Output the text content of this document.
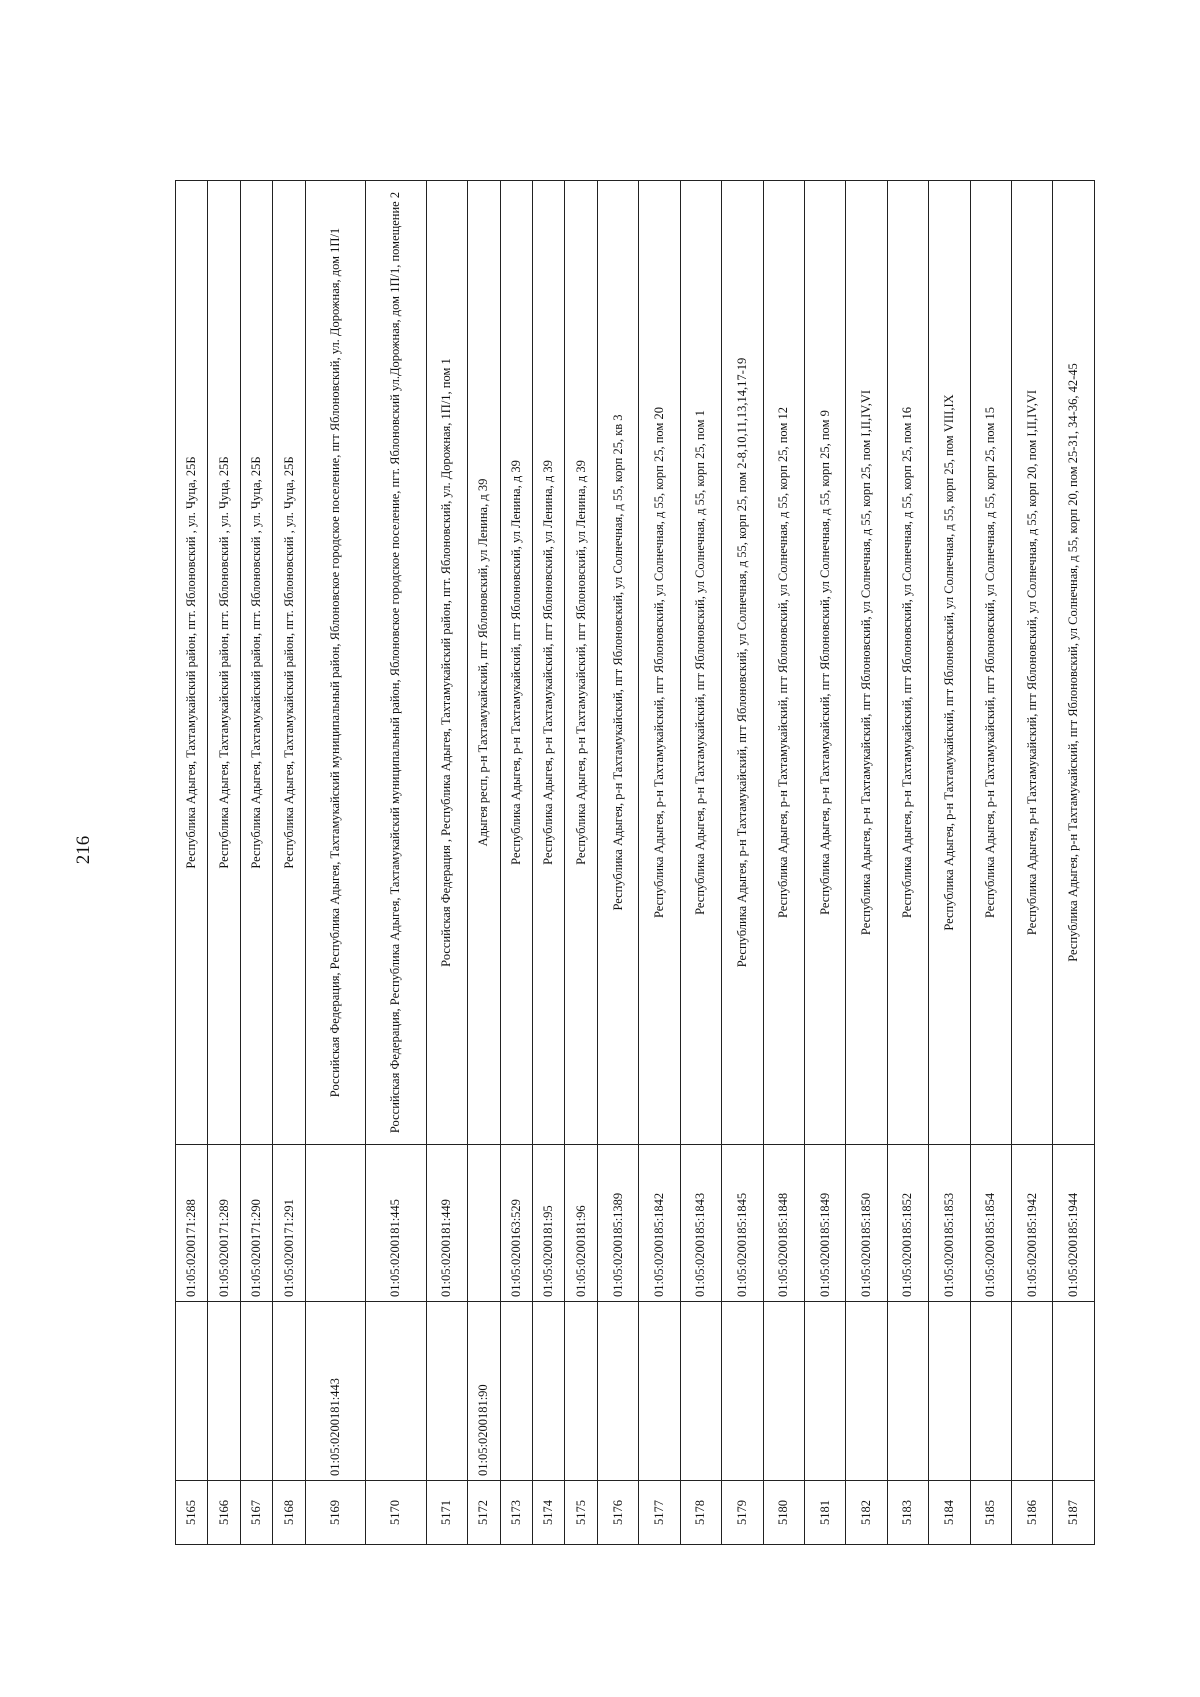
216
5165		01:05:0200171:288	Республика Адыгея, Тахтамукайский район, пгт. Яблоновский , ул. Чуца, 25Б
5166		01:05:0200171:289	Республика Адыгея, Тахтамукайский район, пгт. Яблоновский , ул. Чуца, 25Б
5167		01:05:0200171:290	Республика Адыгея, Тахтамукайский район, пгт. Яблоновский , ул. Чуца, 25Б
5168		01:05:0200171:291	Республика Адыгея, Тахтамукайский район, пгт. Яблоновский , ул. Чуца, 25Б
5169	01:05:0200181:443		Российская Федерация, Республика Адыгея, Тахтамукайский муниципальный район, Яблоновское городское поселение, пгт Яблоновский, ул. Дорожная, дом 1П/1
5170		01:05:0200181:445	Российская Федерация, Республика Адыгея, Тахтамукайский муниципальный район, Яблоновское городское поселение, пгт. Яблоновский ул.Дорожная, дом 1П/1, помещение 2
5171		01:05:0200181:449	Российская Федерация , Республика Адыгея, Тахтамукайский район, пгт. Яблоновский, ул. Дорожная, 1П/1, пом 1
5172	01:05:0200181:90		Адыгея респ, р-н Тахтамукайский, пгт Яблоновский, ул Ленина, д 39
5173		01:05:0200163:529	Республика Адыгея, р-н Тахтамукайский, пгт Яблоновский, ул Ленина, д 39
5174		01:05:0200181:95	Республика Адыгея, р-н Тахтамукайский, пгт Яблоновский, ул Ленина, д 39
5175		01:05:0200181:96	Республика Адыгея, р-н Тахтамукайский, пгт Яблоновский, ул Ленина, д 39
5176		01:05:0200185:1389	Республика Адыгея, р-н Тахтамукайский, пгт Яблоновский, ул Солнечная, д 55, корп 25, кв 3
5177		01:05:0200185:1842	Республика Адыгея, р-н Тахтамукайский, пгт Яблоновский, ул Солнечная, д 55, корп 25, пом 20
5178		01:05:0200185:1843	Республика Адыгея, р-н Тахтамукайский, пгт Яблоновский, ул Солнечная, д 55, корп 25, пом 1
5179		01:05:0200185:1845	Республика Адыгея, р-н Тахтамукайский, пгт Яблоновский, ул Солнечная, д 55, корп 25, пом 2-8,10,11,13,14,17-19
5180		01:05:0200185:1848	Республика Адыгея, р-н Тахтамукайский, пгт Яблоновский, ул Солнечная, д 55, корп 25, пом 12
5181		01:05:0200185:1849	Республика Адыгея, р-н Тахтамукайский, пгт Яблоновский, ул Солнечная, д 55, корп 25, пом 9
5182		01:05:0200185:1850	Республика Адыгея, р-н Тахтамукайский, пгт Яблоновский, ул Солнечная, д 55, корп 25, пом I,II,IV,VI
5183		01:05:0200185:1852	Республика Адыгея, р-н Тахтамукайский, пгт Яблоновский, ул Солнечная, д 55, корп 25, пом 16
5184		01:05:0200185:1853	Республика Адыгея, р-н Тахтамукайский, пгт Яблоновский, ул Солнечная, д 55, корп 25, пом VIII,IX
5185		01:05:0200185:1854	Республика Адыгея, р-н Тахтамукайский, пгт Яблоновский, ул Солнечная, д 55, корп 25, пом 15
5186		01:05:0200185:1942	Республика Адыгея, р-н Тахтамукайский, пгт Яблоновский, ул Солнечная, д 55, корп 20, пом I,II,IV,VI
5187		01:05:0200185:1944	Республика Адыгея, р-н Тахтамукайский, пгт Яблоновский, ул Солнечная, д 55, корп 20, пом 25-31, 34-36, 42-45
